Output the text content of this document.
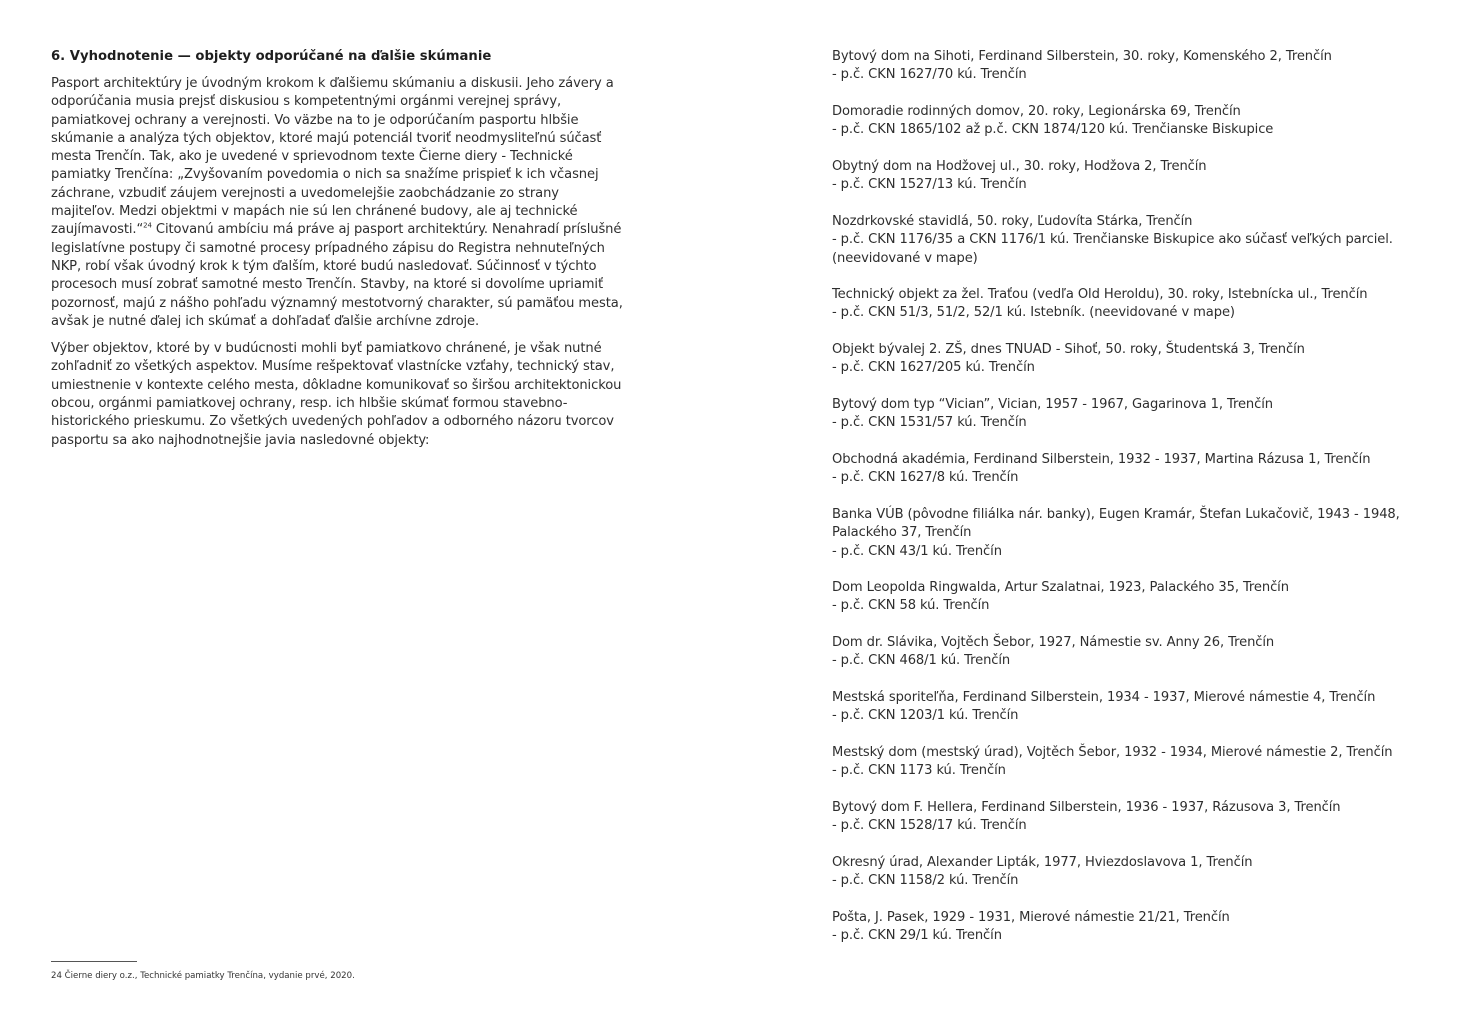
6. Vyhodnotenie — objekty odporúčané na ďalšie skúmanie

Pasport architektúry je úvodným krokom k ďalšiemu skúmaniu a diskusii. Jeho závery a odporúčania musia prejsť diskusiou s kompetentnými orgánmi verejnej správy, pamiatkovej ochrany a verejnosti. Vo väzbe na to je odporúčaním pasportu hlbšie skúmanie a analýza tých objektov, ktoré majú potenciál tvoriť neodmysliteľnú súčasť mesta Trenčín. Tak, ako je uvedené v sprievodnom texte Čierne diery - Technické pamiatky Trenčína: „Zvyšovaním povedomia o nich sa snažíme prispieť k ich včasnej záchrane, vzbudiť záujem verejnosti a uvedomelejšie zaobchádzanie zo strany majiteľov. Medzi objektmi v mapách nie sú len chránené budovy, ale aj technické zaujímavosti.“$^{24}$ Citovanú ambíciu má práve aj pasport architektúry. Nenahradí príslušné legislatívne postupy či samotné procesy prípadného zápisu do Registra nehnuteľných NKP, robí však úvodný krok k tým ďalším, ktoré budú nasledovať. Súčinnosť v týchto procesoch musí zobrať samotné mesto Trenčín. Stavby, na ktoré si dovolíme upriamiť pozornosť, majú z nášho pohľadu významný mestotvorný charakter, sú pamäťou mesta, avšak je nutné ďalej ich skúmať a dohľadať ďalšie archívne zdroje.

Výber objektov, ktoré by v budúcnosti mohli byť pamiatkovo chránené, je však nutné zohľadniť zo všetkých aspektov. Musíme rešpektovať vlastnícke vzťahy, technický stav, umiestnenie v kontexte celého mesta, dôkladne komunikovať so širšou architektonickou obcou, orgánmi pamiatkovej ochrany, resp. ich hlbšie skúmať formou stavebno-historického prieskumu. Zo všetkých uvedených pohľadov a odborného názoru tvorcov pasportu sa ako najhodnotnejšie javia nasledovné objekty:

Bytový dom na Sihoti, Ferdinand Silberstein, 30. roky, Komenského 2, Trenčín
- p.č. CKN 1627/70 kú. Trenčín
Domoradie rodinných domov, 20. roky, Legionárska 69, Trenčín
- p.č. CKN 1865/102 až p.č. CKN 1874/120 kú. Trenčianske Biskupice
Obytný dom na Hodžovej ul., 30. roky, Hodžova 2, Trenčín
- p.č. CKN 1527/13 kú. Trenčín
Nozdrkovské stavidlá, 50. roky, Ľudovíta Stárka, Trenčín
- p.č. CKN 1176/35 a CKN 1176/1 kú. Trenčianske Biskupice ako súčasť veľkých parciel.
(neevidované v mape)
Technický objekt za žel. Traťou (vedľa Old Heroldu), 30. roky, Istebnícka ul., Trenčín
- p.č. CKN 51/3, 51/2, 52/1 kú. Istebník. (neevidované v mape)
Objekt bývalej 2. ZŠ, dnes TNUAD - Sihoť, 50. roky, Študentská 3, Trenčín
- p.č. CKN 1627/205 kú. Trenčín
Bytový dom typ “Vician”, Vician, 1957 - 1967, Gagarinova 1, Trenčín
- p.č. CKN 1531/57 kú. Trenčín
Obchodná akadémia, Ferdinand Silberstein, 1932 - 1937, Martina Rázusa 1, Trenčín
- p.č. CKN 1627/8 kú. Trenčín
Banka VÚB (pôvodne filiálka nár. banky), Eugen Kramár, Štefan Lukačovič, 1943 - 1948,
Palackého 37, Trenčín
- p.č. CKN 43/1 kú. Trenčín
Dom Leopolda Ringwalda, Artur Szalatnai, 1923, Palackého 35, Trenčín
- p.č. CKN 58 kú. Trenčín
Dom dr. Slávika, Vojtěch Šebor, 1927, Námestie sv. Anny 26, Trenčín
- p.č. CKN 468/1 kú. Trenčín
Mestská sporiteľňa, Ferdinand Silberstein, 1934 - 1937, Mierové námestie 4, Trenčín
- p.č. CKN 1203/1 kú. Trenčín
Mestský dom (mestský úrad), Vojtěch Šebor, 1932 - 1934, Mierové námestie 2, Trenčín
- p.č. CKN 1173 kú. Trenčín
Bytový dom F. Hellera, Ferdinand Silberstein, 1936 - 1937, Rázusova 3, Trenčín
- p.č. CKN 1528/17 kú. Trenčín
Okresný úrad, Alexander Lipták, 1977, Hviezdoslavova 1, Trenčín
- p.č. CKN 1158/2 kú. Trenčín
Pošta, J. Pasek, 1929 - 1931, Mierové námestie 21/21, Trenčín
- p.č. CKN 29/1 kú. Trenčín
24 Čierne diery o.z., Technické pamiatky Trenčína, vydanie prvé, 2020.
